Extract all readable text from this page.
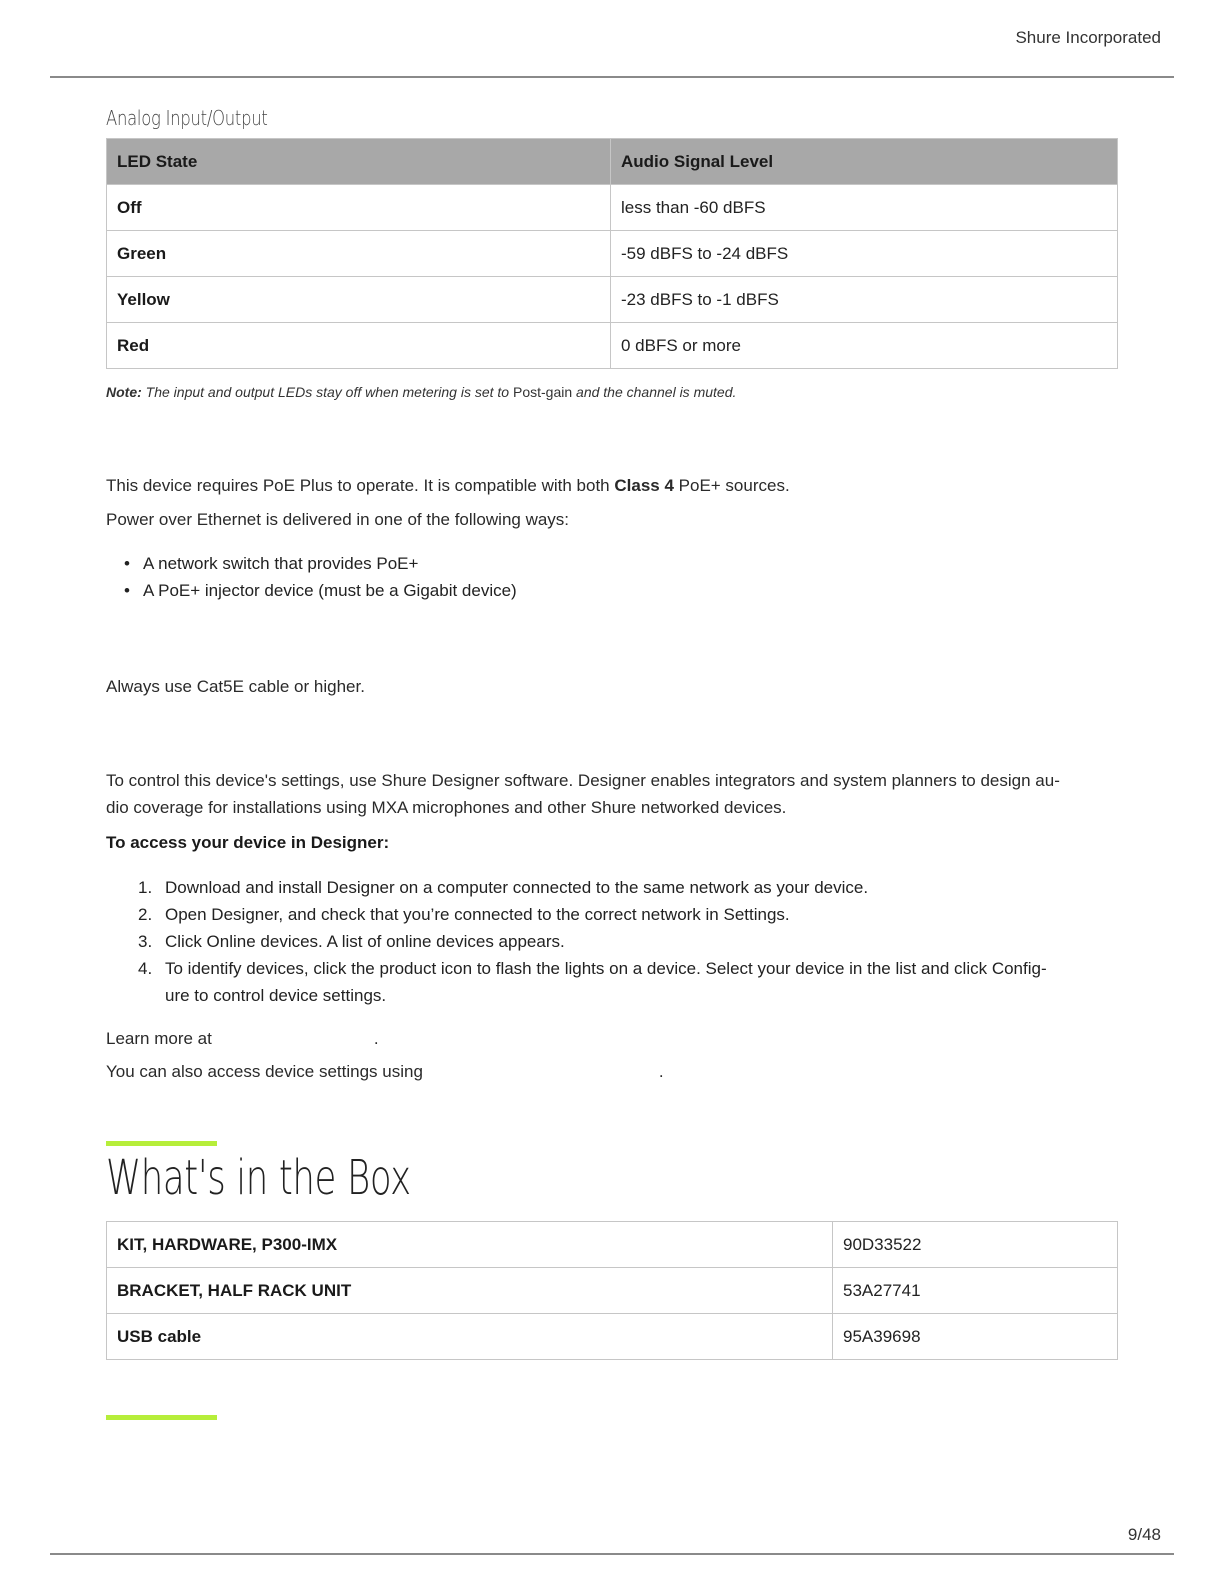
Shure Incorporated
Analog Input/Output
LED State	Audio Signal Level
Off	less than -60 dBFS
Green	-59 dBFS to -24 dBFS
Yellow	-23 dBFS to -1 dBFS
Red	0 dBFS or more
Note: The input and output LEDs stay off when metering is set to Post-gain and the channel is muted.

This device requires PoE Plus to operate. It is compatible with both Class 4 PoE+ sources.

Power over Ethernet is delivered in one of the following ways:

• A network switch that provides PoE+
• A PoE+ injector device (must be a Gigabit device)

Always use Cat5E cable or higher.

To control this device's settings, use Shure Designer software. Designer enables integrators and system planners to design au-
dio coverage for installations using MXA microphones and other Shure networked devices.

To access your device in Designer:

1. Download and install Designer on a computer connected to the same network as your device.
2. Open Designer, and check that you’re connected to the correct network in Settings.
3. Click Online devices. A list of online devices appears.
4. To identify devices, click the product icon to flash the lights on a device. Select your device in the list and click Config-
ure to control device settings.

Learn more at	.

You can also access device settings using	.

What's in the Box
KIT, HARDWARE, P300-IMX	90D33522
BRACKET, HALF RACK UNIT	53A27741
USB cable	95A39698
9/48
